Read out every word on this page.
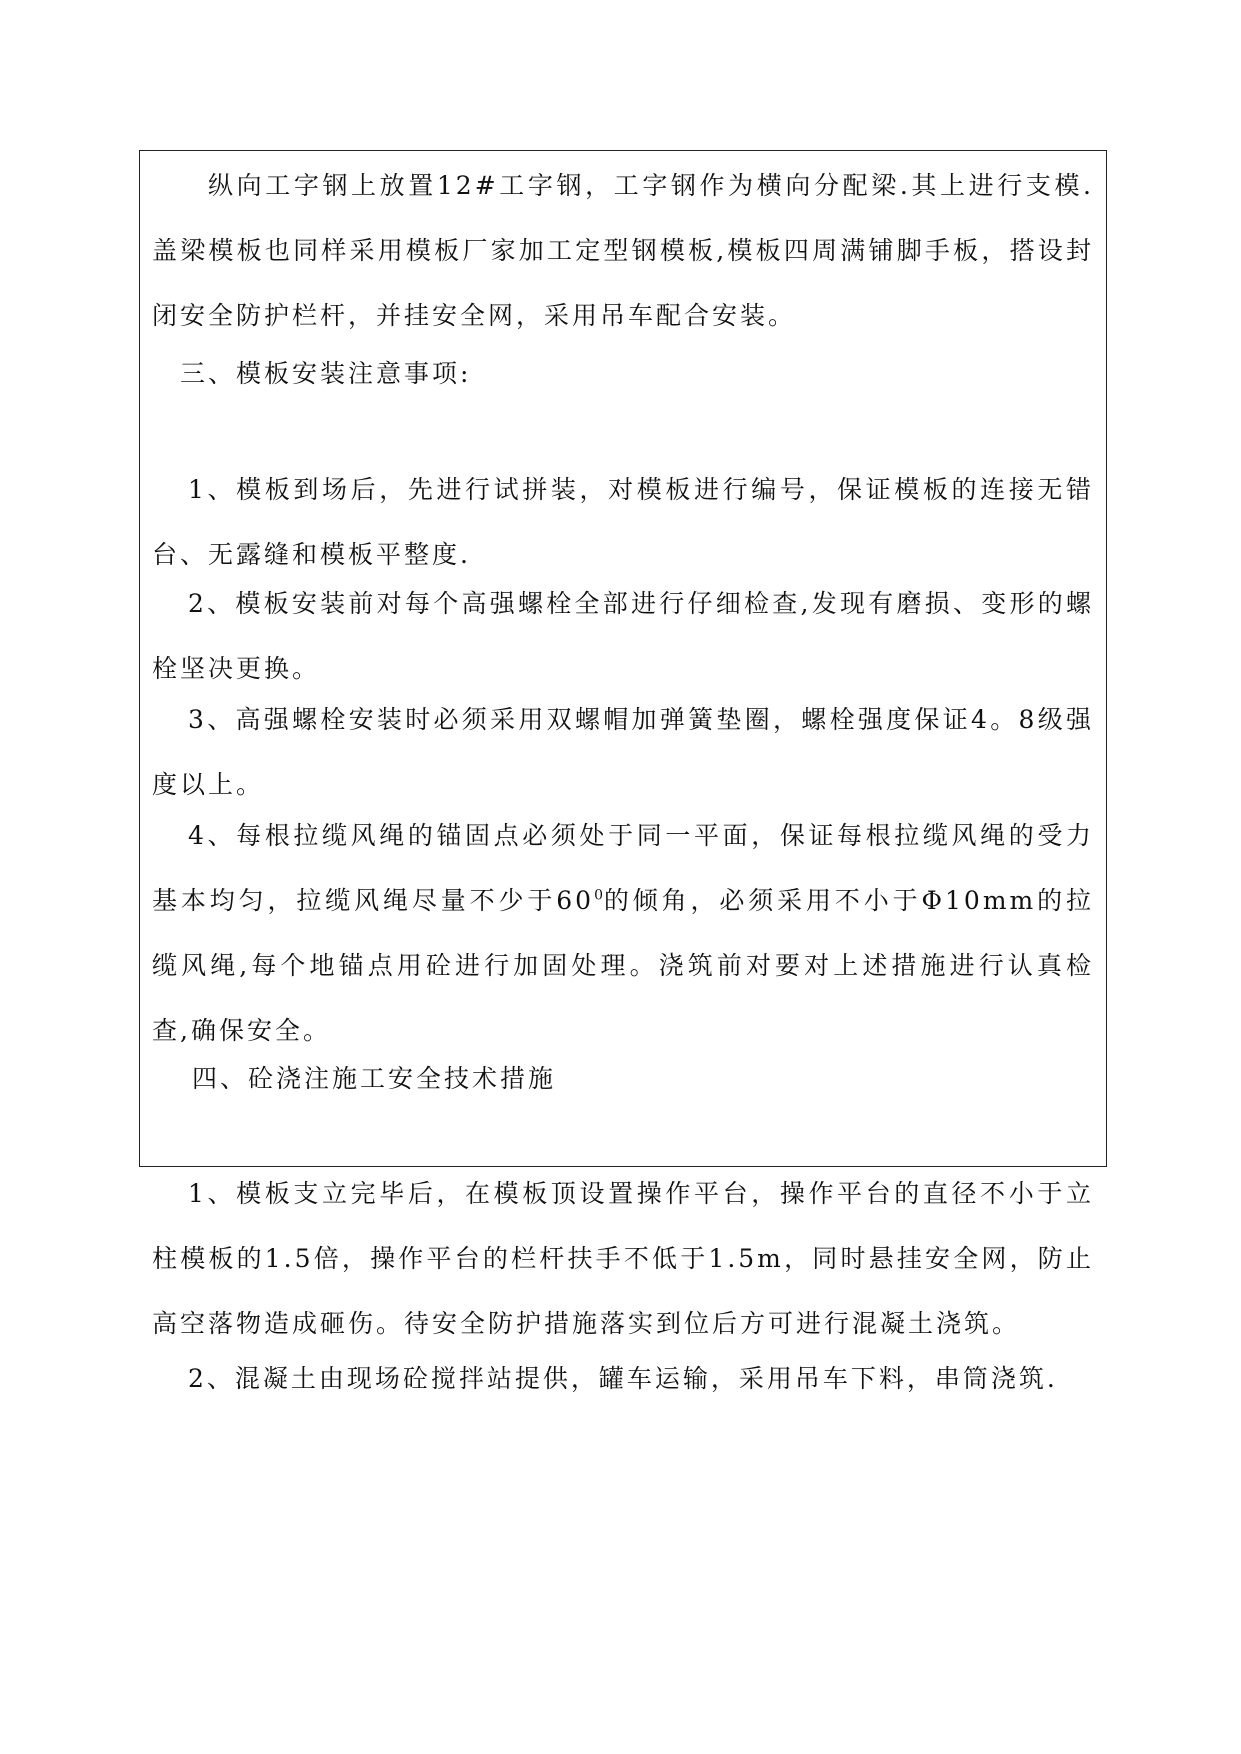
纵向工字钢上放置12#工字钢，工字钢作为横向分配梁.其上进行支模.盖梁模板也同样采用模板厂家加工定型钢模板,模板四周满铺脚手板，搭设封闭安全防护栏杆，并挂安全网，采用吊车配合安装。

三、模板安装注意事项:

1、模板到场后，先进行试拼装，对模板进行编号，保证模板的连接无错台、无露缝和模板平整度.

2、模板安装前对每个高强螺栓全部进行仔细检查,发现有磨损、变形的螺栓坚决更换。

3、高强螺栓安装时必须采用双螺帽加弹簧垫圈，螺栓强度保证4。8级强度以上。

4、每根拉缆风绳的锚固点必须处于同一平面，保证每根拉缆风绳的受力基本均匀，拉缆风绳尽量不少于$60^0$的倾角，必须采用不小于Φ10mm的拉缆风绳,每个地锚点用砼进行加固处理。浇筑前对要对上述措施进行认真检查,确保安全。

四、砼浇注施工安全技术措施

1、模板支立完毕后，在模板顶设置操作平台，操作平台的直径不小于立柱模板的1.5倍，操作平台的栏杆扶手不低于1.5m，同时悬挂安全网，防止高空落物造成砸伤。待安全防护措施落实到位后方可进行混凝土浇筑。

2、混凝土由现场砼搅拌站提供，罐车运输，采用吊车下料，串筒浇筑.
